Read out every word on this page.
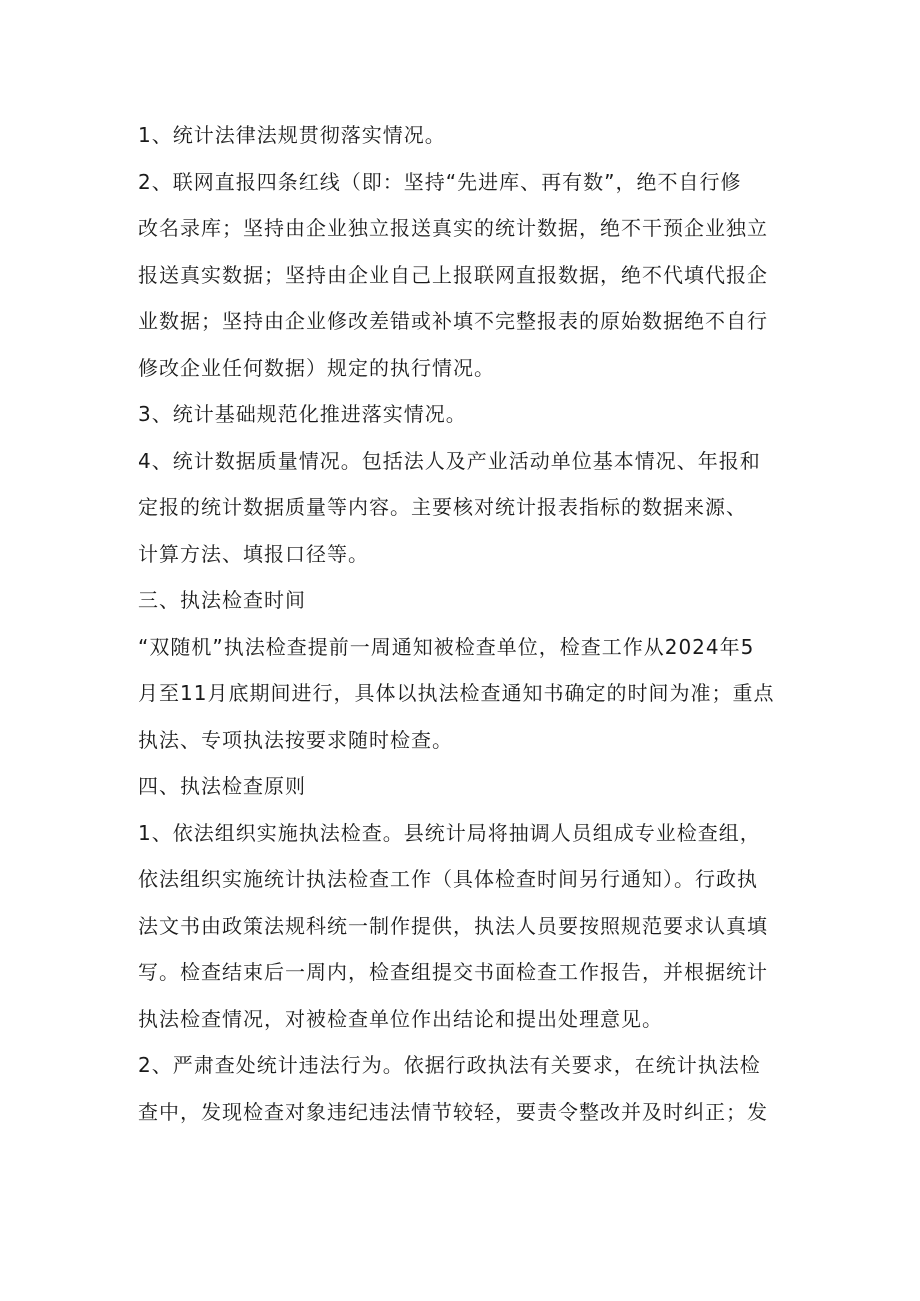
1、统计法律法规贯彻落实情况。

2、联网直报四条红线（即：坚持“先进库、再有数”，绝不自行修

改名录库；坚持由企业独立报送真实的统计数据，绝不干预企业独立

报送真实数据；坚持由企业自己上报联网直报数据，绝不代填代报企

业数据；坚持由企业修改差错或补填不完整报表的原始数据绝不自行

修改企业任何数据）规定的执行情况。

3、统计基础规范化推进落实情况。

4、统计数据质量情况。包括法人及产业活动单位基本情况、年报和

定报的统计数据质量等内容。主要核对统计报表指标的数据来源、

计算方法、填报口径等。

三、执法检查时间

“双随机”执法检查提前一周通知被检查单位，检查工作从2024年5

月至11月底期间进行，具体以执法检查通知书确定的时间为准；重点

执法、专项执法按要求随时检查。

四、执法检查原则

1、依法组织实施执法检查。县统计局将抽调人员组成专业检查组，

依法组织实施统计执法检查工作（具体检查时间另行通知）。行政执

法文书由政策法规科统一制作提供，执法人员要按照规范要求认真填

写。检查结束后一周内，检查组提交书面检查工作报告，并根据统计

执法检查情况，对被检查单位作出结论和提出处理意见。

2、严肃查处统计违法行为。依据行政执法有关要求，在统计执法检

查中，发现检查对象违纪违法情节较轻，要责令整改并及时纠正；发
